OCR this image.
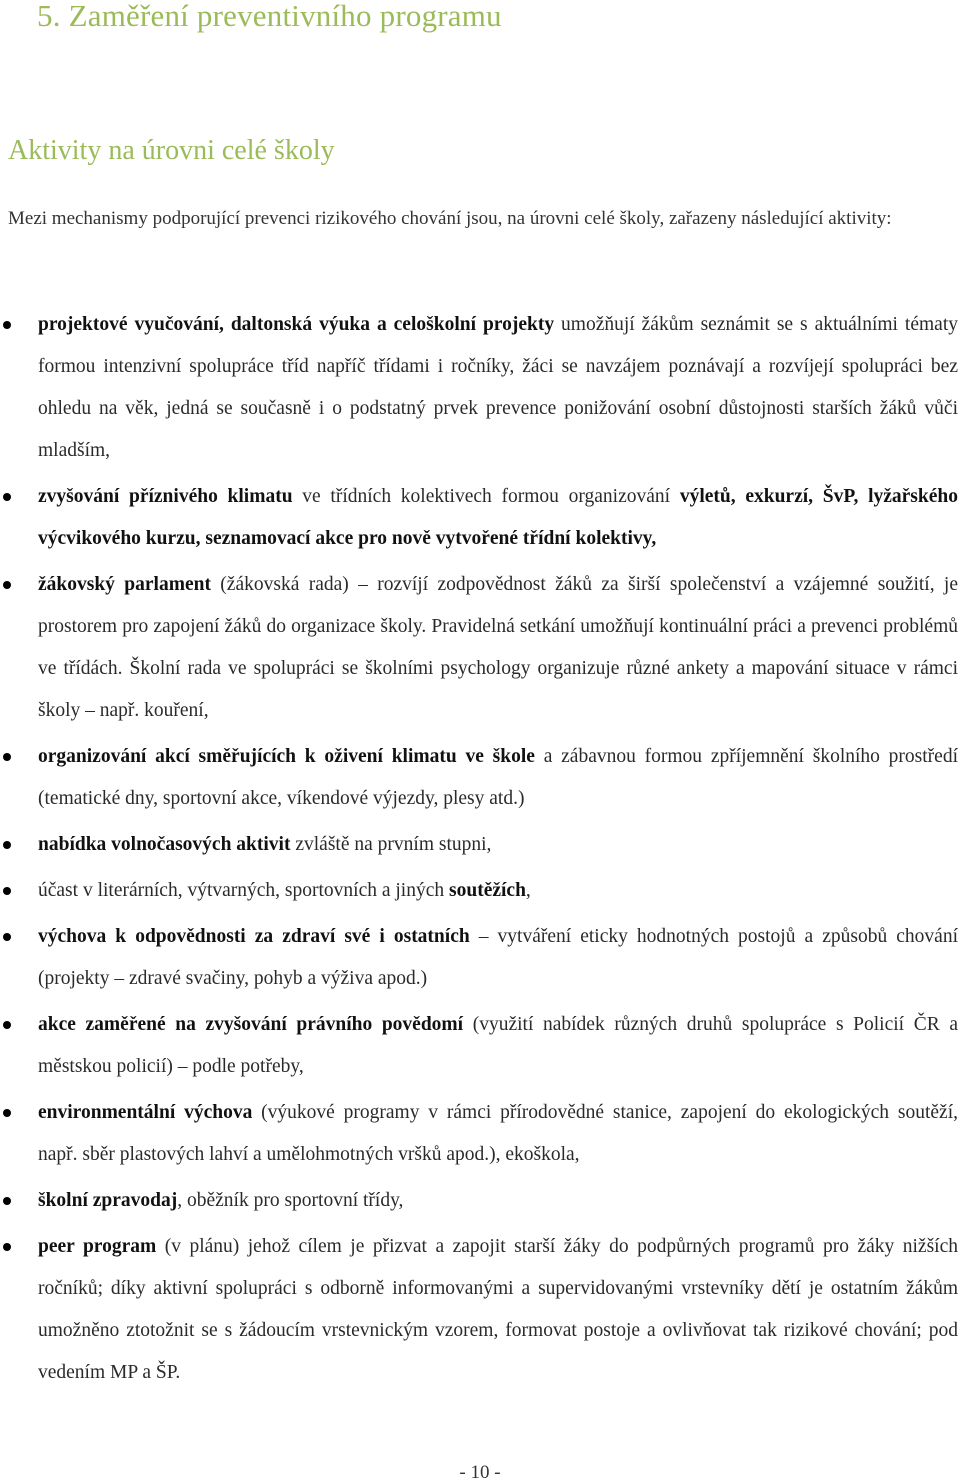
5. Zaměření preventivního programu
Aktivity na úrovni celé školy

Mezi mechanismy podporující prevenci rizikového chování jsou, na úrovni celé školy, zařazeny následující aktivity:

projektové vyučování, daltonská výuka a celoškolní projekty umožňují žákům seznámit se s aktuálními tématy formou intenzivní spolupráce tříd napříč třídami i ročníky, žáci se navzájem poznávají a rozvíjejí spolupráci bez ohledu na věk, jedná se současně i o podstatný prvek prevence ponižování osobní důstojnosti starších žáků vůči mladším,
zvyšování příznivého klimatu ve třídních kolektivech formou organizování výletů, exkurzí, ŠvP, lyžařského výcvikového kurzu, seznamovací akce pro nově vytvořené třídní kolektivy,
žákovský parlament (žákovská rada) – rozvíjí zodpovědnost žáků za širší společenství a vzájemné soužití, je prostorem pro zapojení žáků do organizace školy. Pravidelná setkání umožňují kontinuální práci a prevenci problémů ve třídách. Školní rada ve spolupráci se školními psychology organizuje různé ankety a mapování situace v rámci školy – např. kouření,
organizování akcí směřujících k oživení klimatu ve škole a zábavnou formou zpříjemnění školního prostředí (tematické dny, sportovní akce, víkendové výjezdy, plesy atd.)
nabídka volnočasových aktivit zvláště na prvním stupni,
účast v literárních, výtvarných, sportovních a jiných soutěžích,
výchova k odpovědnosti za zdraví své i ostatních – vytváření eticky hodnotných postojů a způsobů chování (projekty – zdravé svačiny, pohyb a výživa apod.)
akce zaměřené na zvyšování právního povědomí (využití nabídek různých druhů spolupráce s Policií ČR a městskou policií) – podle potřeby,
environmentální výchova (výukové programy v rámci přírodovědné stanice, zapojení do ekologických soutěží, např. sběr plastových lahví a umělohmotných vršků apod.), ekoškola,
školní zpravodaj, oběžník pro sportovní třídy,
peer program (v plánu) jehož cílem je přizvat a zapojit starší žáky do podpůrných programů pro žáky nižších ročníků; díky aktivní spolupráci s odborně informovanými a supervidovanými vrstevníky dětí je ostatním žákům umožněno ztotožnit se s žádoucím vrstevnickým vzorem, formovat postoje a ovlivňovat tak rizikové chování; pod vedením MP a ŠP.

- 10 -
